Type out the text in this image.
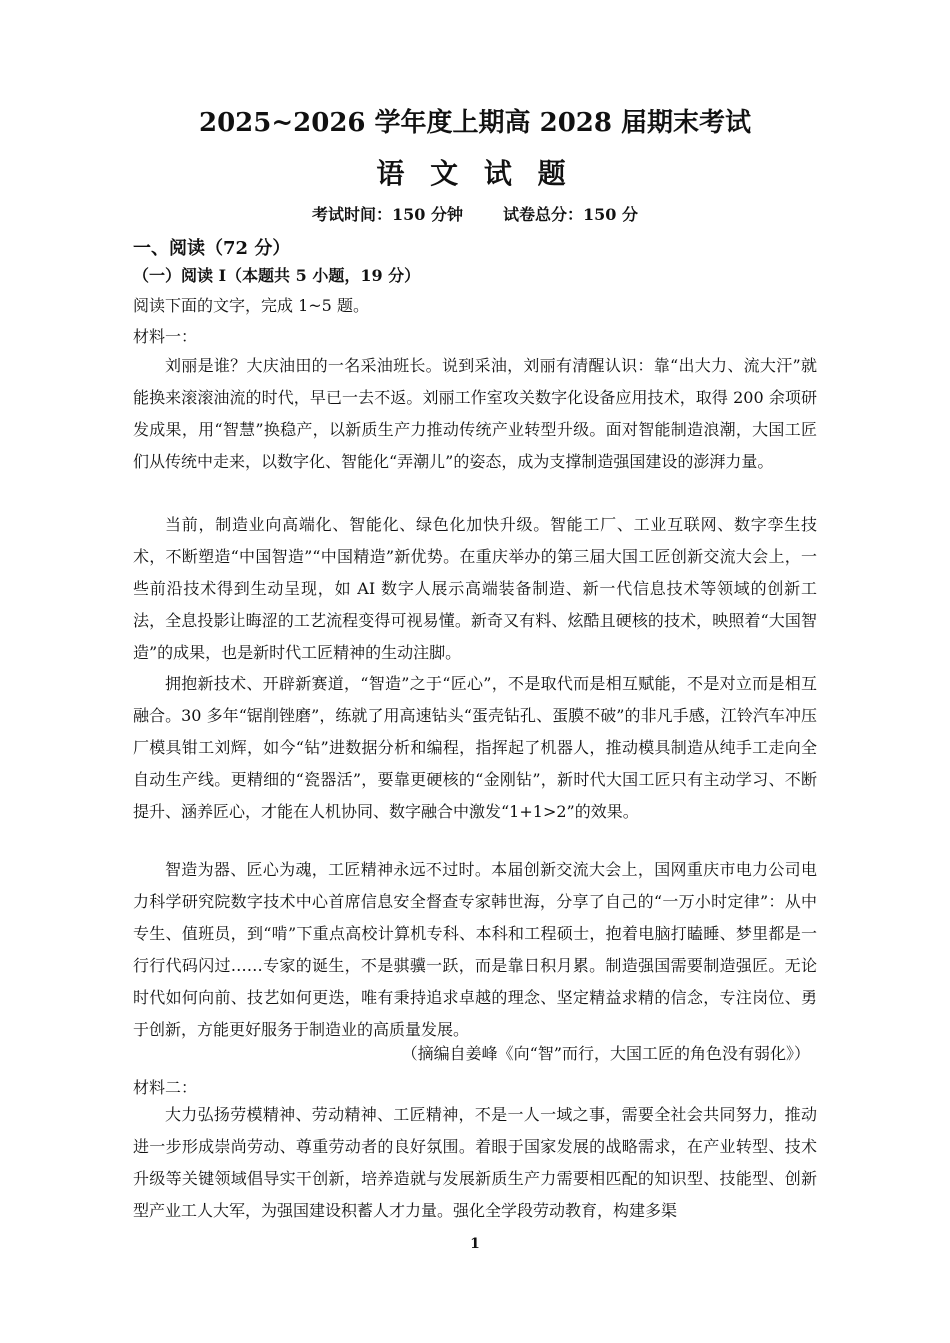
2025~2026 学年度上期高 2028 届期末考试
语 文 试 题
考试时间：150 分钟	试卷总分：150 分
一、阅读（72 分）
（一）阅读 I（本题共 5 小题，19 分）
阅读下面的文字，完成 1~5 题。
材料一：

刘丽是谁？大庆油田的一名采油班长。说到采油，刘丽有清醒认识：靠“出大力、流大汗”就能换来滚滚油流的时代，早已一去不返。刘丽工作室攻关数字化设备应用技术，取得 200 余项研发成果，用“智慧”换稳产，以新质生产力推动传统产业转型升级。面对智能制造浪潮，大国工匠们从传统中走来，以数字化、智能化“弄潮儿”的姿态，成为支撑制造强国建设的澎湃力量。

当前，制造业向高端化、智能化、绿色化加快升级。智能工厂、工业互联网、数字孪生技术，不断塑造“中国智造”“中国精造”新优势。在重庆举办的第三届大国工匠创新交流大会上，一些前沿技术得到生动呈现，如 AI 数字人展示高端装备制造、新一代信息技术等领域的创新工法，全息投影让晦涩的工艺流程变得可视易懂。新奇又有料、炫酷且硬核的技术，映照着“大国智造”的成果，也是新时代工匠精神的生动注脚。

拥抱新技术、开辟新赛道，“智造”之于“匠心”，不是取代而是相互赋能，不是对立而是相互融合。30 多年“锯削锉磨”，练就了用高速钻头“蛋壳钻孔、蛋膜不破”的非凡手感，江铃汽车冲压厂模具钳工刘辉，如今“钻”进数据分析和编程，指挥起了机器人，推动模具制造从纯手工走向全自动生产线。更精细的“瓷器活”，要靠更硬核的“金刚钻”，新时代大国工匠只有主动学习、不断提升、涵养匠心，才能在人机协同、数字融合中激发“1+1>2”的效果。

智造为器、匠心为魂，工匠精神永远不过时。本届创新交流大会上，国网重庆市电力公司电力科学研究院数字技术中心首席信息安全督查专家韩世海，分享了自己的“一万小时定律”：从中专生、值班员，到“啃”下重点高校计算机专科、本科和工程硕士，抱着电脑打瞌睡、梦里都是一行行代码闪过……专家的诞生，不是骐骥一跃，而是靠日积月累。制造强国需要制造强匠。无论时代如何向前、技艺如何更迭，唯有秉持追求卓越的理念、坚定精益求精的信念，专注岗位、勇于创新，方能更好服务于制造业的高质量发展。

（摘编自姜峰《向“智”而行，大国工匠的角色没有弱化》）
材料二：

大力弘扬劳模精神、劳动精神、工匠精神，不是一人一域之事，需要全社会共同努力，推动进一步形成崇尚劳动、尊重劳动者的良好氛围。着眼于国家发展的战略需求，在产业转型、技术升级等关键领域倡导实干创新，培养造就与发展新质生产力需要相匹配的知识型、技能型、创新型产业工人大军，为强国建设积蓄人才力量。强化全学段劳动教育，构建多渠

1
